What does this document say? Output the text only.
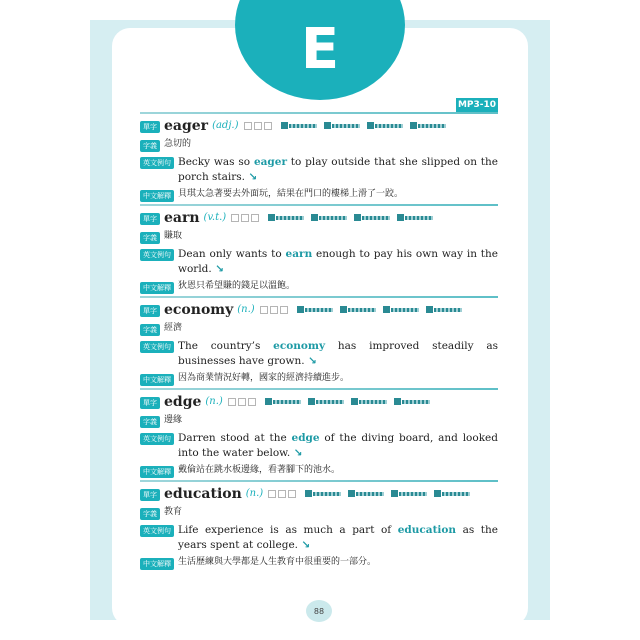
E
MP3-10
單字 eager (adj.)
字義 急切的
英文例句 Becky was so eager to play outside that she slipped on the porch stairs. ↘
中文解釋 貝琪太急著要去外面玩，結果在門口的樓梯上滑了一跤。
單字 earn (v.t.)
字義 賺取
英文例句 Dean only wants to earn enough to pay his own way in the world. ↘
中文解釋 狄恩只希望賺的錢足以溫飽。
單字 economy (n.)
字義 經濟
英文例句 The country’s economy has improved steadily as businesses have grown. ↘
中文解釋 因為商業情況好轉，國家的經濟持續進步。
單字 edge (n.)
字義 邊緣
英文例句 Darren stood at the edge of the diving board, and looked into the water below. ↘
中文解釋 戴倫站在跳水板邊緣，看著腳下的池水。
單字 education (n.)
字義 教育
英文例句 Life experience is as much a part of education as the years spent at college. ↘
中文解釋 生活歷練與大學都是人生教育中很重要的一部分。
88
